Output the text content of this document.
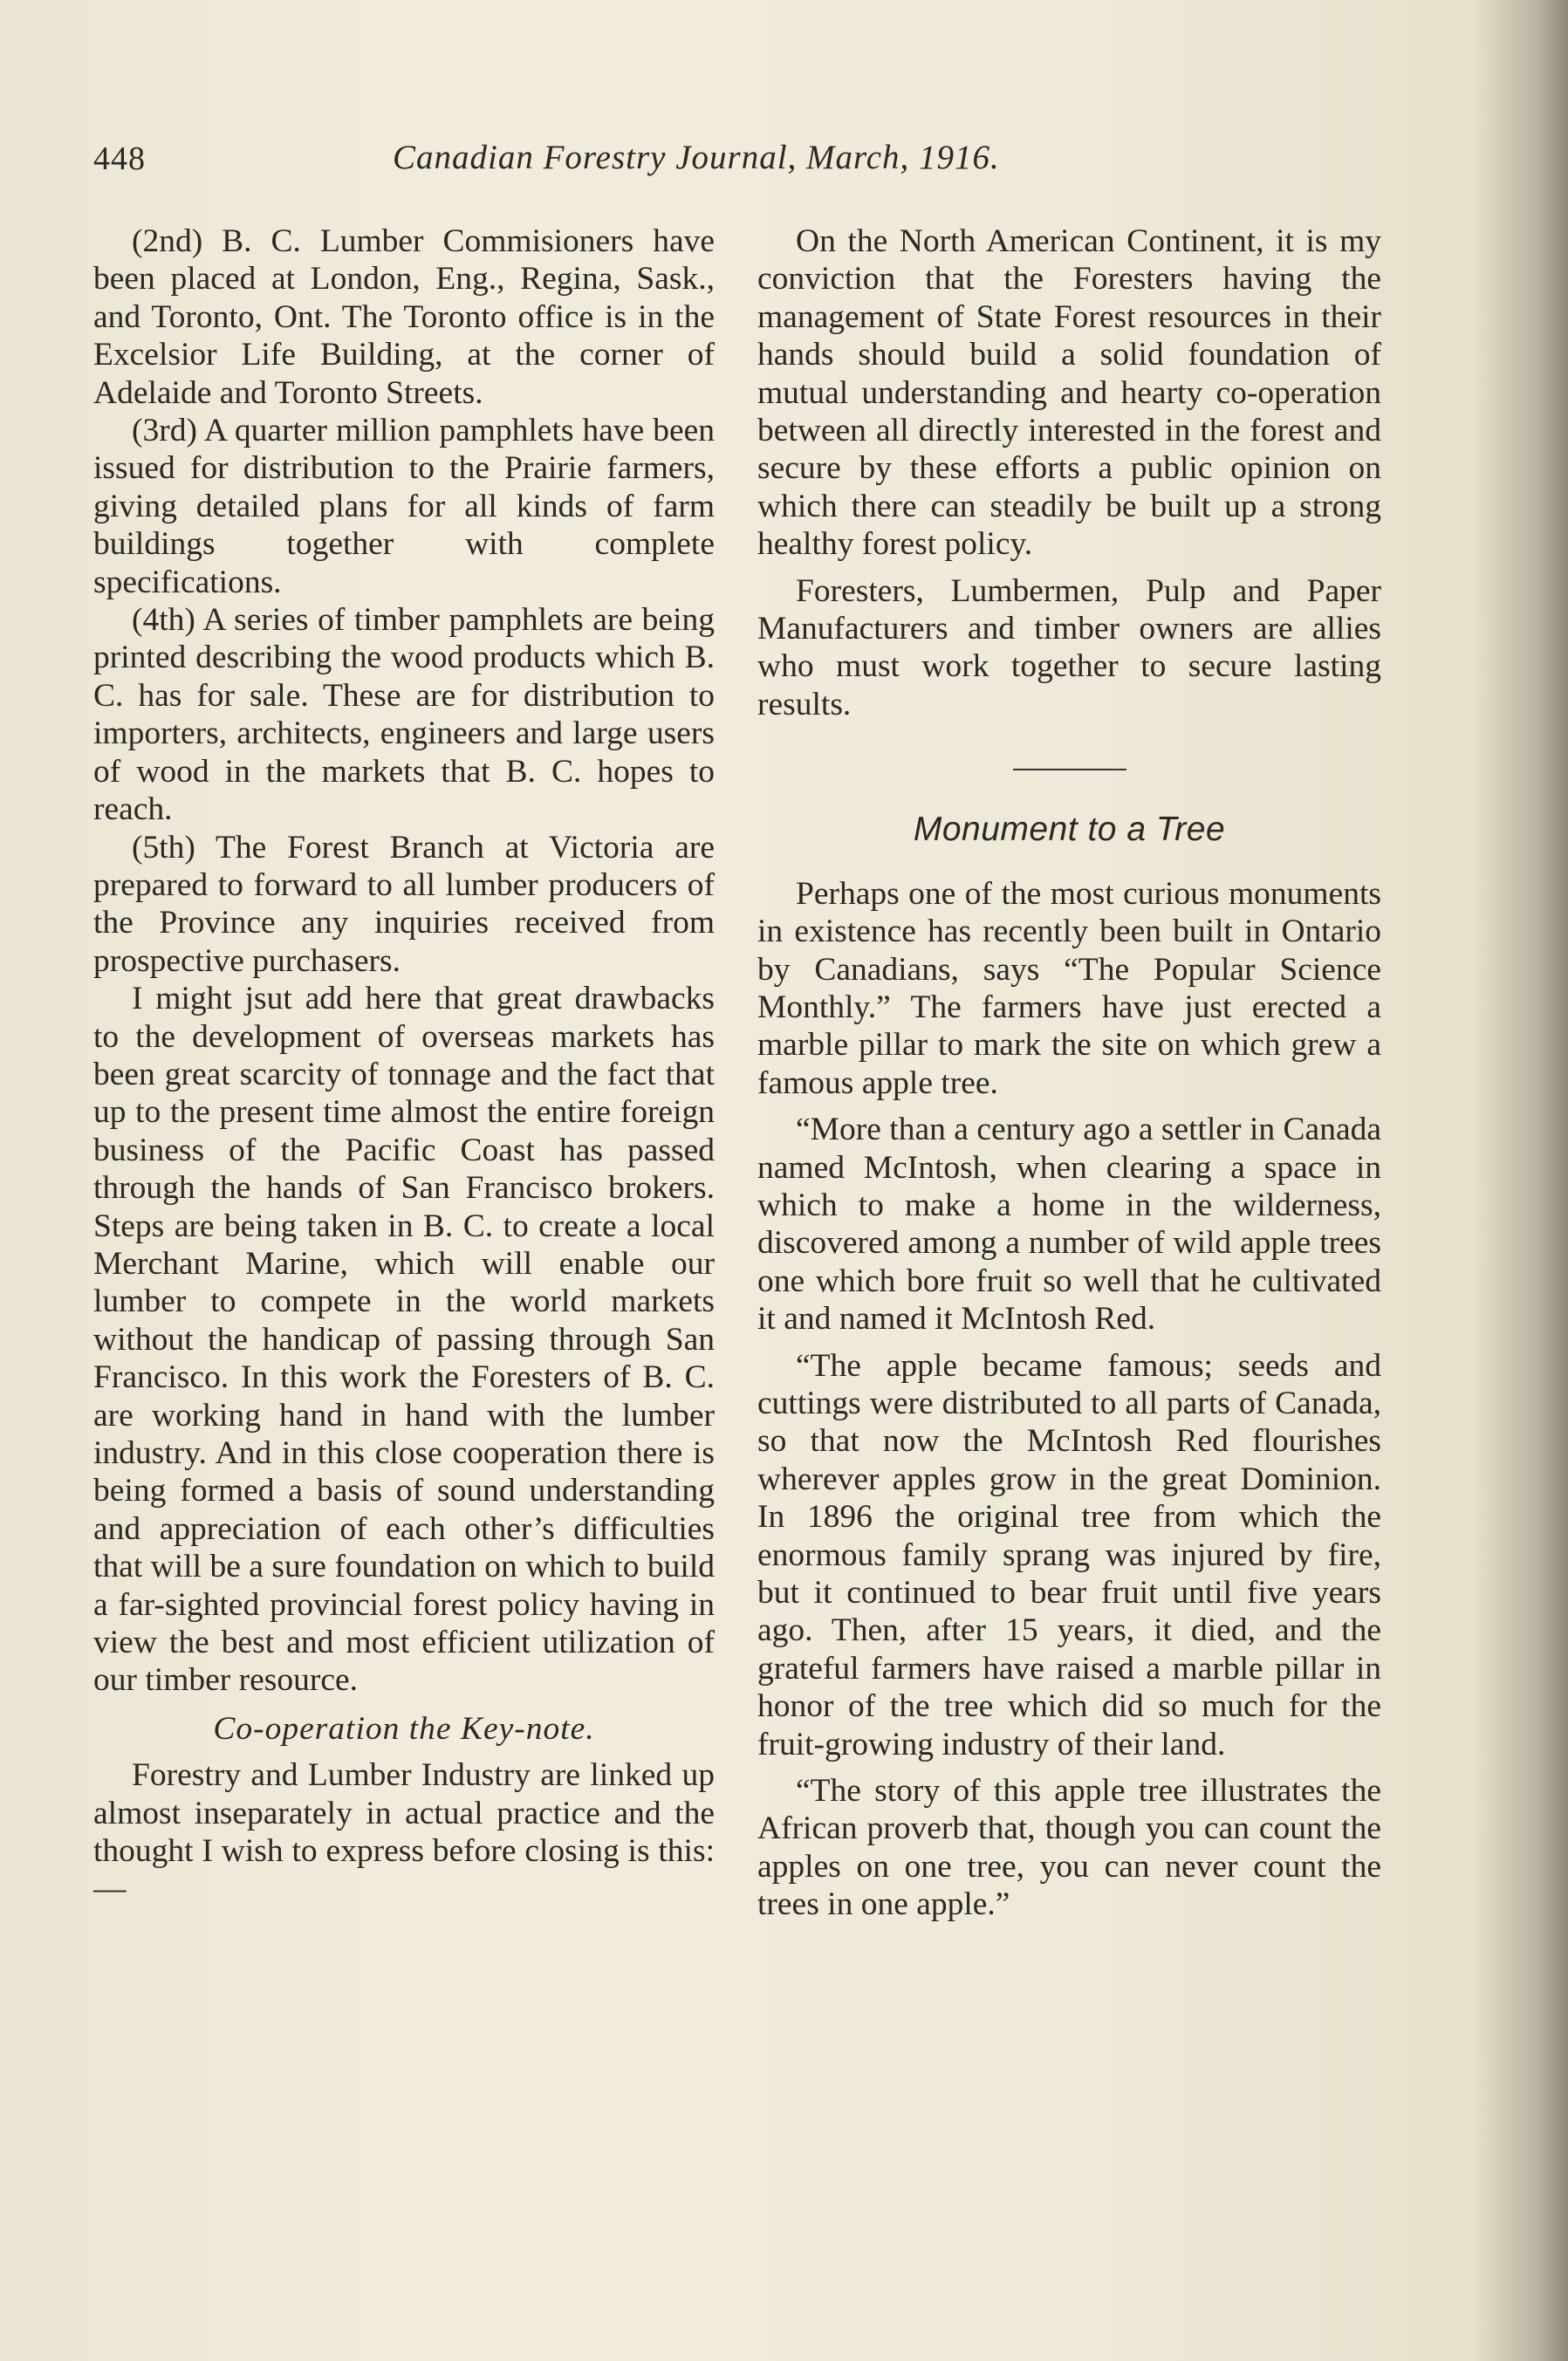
448	Canadian Forestry Journal, March, 1916.

(2nd) B. C. Lumber Commisioners have been placed at London, Eng., Regina, Sask., and Toronto, Ont. The Toronto office is in the Excelsior Life Building, at the corner of Adelaide and Toronto Streets.

(3rd) A quarter million pamphlets have been issued for distribution to the Prairie farmers, giving detailed plans for all kinds of farm buildings together with complete specifications.

(4th) A series of timber pamphlets are being printed describing the wood products which B. C. has for sale. These are for distribution to importers, architects, engineers and large users of wood in the markets that B. C. hopes to reach.

(5th) The Forest Branch at Victoria are prepared to forward to all lumber producers of the Province any inquiries received from prospective purchasers.

I might jsut add here that great drawbacks to the development of overseas markets has been great scarcity of tonnage and the fact that up to the present time almost the entire foreign business of the Pacific Coast has passed through the hands of San Francisco brokers. Steps are being taken in B. C. to create a local Merchant Marine, which will enable our lumber to compete in the world markets without the handicap of passing through San Francisco. In this work the Foresters of B. C. are working hand in hand with the lumber industry. And in this close cooperation there is being formed a basis of sound understanding and appreciation of each other’s difficulties that will be a sure foundation on which to build a far-sighted provincial forest policy having in view the best and most efficient utilization of our timber resource.

Co-operation the Key-note.

Forestry and Lumber Industry are linked up almost inseparately in actual practice and the thought I wish to express before closing is this:—

On the North American Continent, it is my conviction that the Foresters having the management of State Forest resources in their hands should build a solid foundation of mutual understanding and hearty co-operation between all directly interested in the forest and secure by these efforts a public opinion on which there can steadily be built up a strong healthy forest policy.

Foresters, Lumbermen, Pulp and Paper Manufacturers and timber owners are allies who must work together to secure lasting results.

Monument to a Tree

Perhaps one of the most curious monuments in existence has recently been built in Ontario by Canadians, says “The Popular Science Monthly.” The farmers have just erected a marble pillar to mark the site on which grew a famous apple tree.

“More than a century ago a settler in Canada named McIntosh, when clearing a space in which to make a home in the wilderness, discovered among a number of wild apple trees one which bore fruit so well that he cultivated it and named it McIntosh Red.

“The apple became famous; seeds and cuttings were distributed to all parts of Canada, so that now the McIntosh Red flourishes wherever apples grow in the great Dominion. In 1896 the original tree from which the enormous family sprang was injured by fire, but it continued to bear fruit until five years ago. Then, after 15 years, it died, and the grateful farmers have raised a marble pillar in honor of the tree which did so much for the fruit-growing industry of their land.

“The story of this apple tree illustrates the African proverb that, though you can count the apples on one tree, you can never count the trees in one apple.”
